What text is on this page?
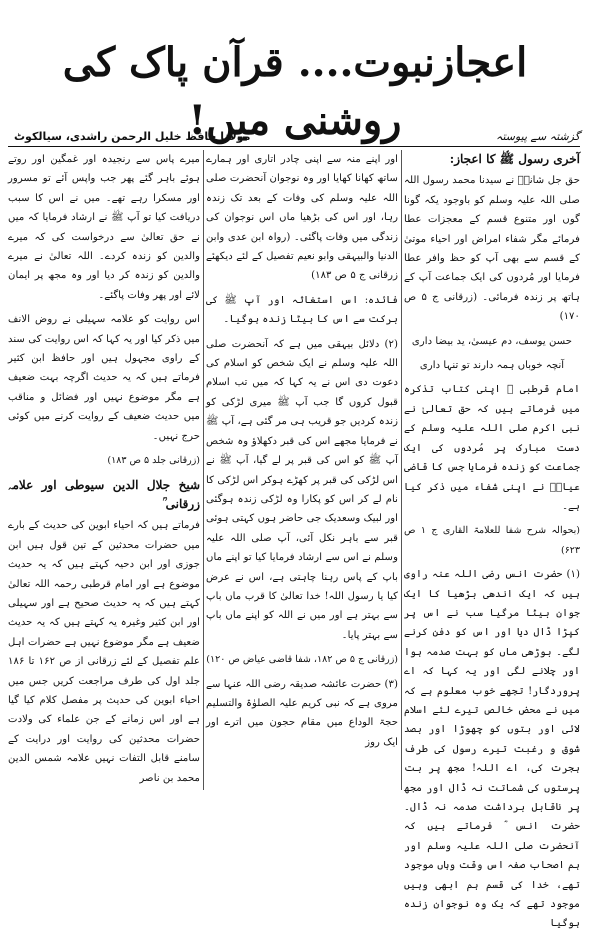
اعجازنبوت.... قرآن پاک کی روشنی میں!	گزشتہ سے پیوستہ
مولانا حافظ خلیل الرحمن راشدی، سیالکوٹ
آخری رسول ﷺ کا اعجاز:

حق جل شانہٗ نے سیدنا محمد رسول اللہ صلی اللہ علیہ وسلم کو باوجود یکہ گونا گوں اور متنوع قسم کے معجزات عطا فرمائے مگر شفاء امراض اور احیاء موتیٰ کے قسم سے بھی آپ کو حظ وافر عطا فرمایا اور مُردوں کی ایک جماعت آپ کے ہاتھ پر زندہ فرمائی۔ (زرقانی ج ۵ ص ۱۷۰)

حسن یوسف، دم عیسیٰ، ید بیضا داری

آنچہ خوباں ہمہ دارند تو تنہا داری

امام قرطبی ؒ اپنی کتاب تذکرہ میں فرماتے ہیں کہ حق تعالیٰ نے نبی اکرم صلی اللہ علیہ وسلم کے دست مبارک پر مُردوں کی ایک جماعت کو زندہ فرمایا جس کا قاضی عیاضؒ نے اپنی شفاء میں ذکر کیا ہے۔

(بحوالہ شرح شفا للعلامۃ القاری ج ۱ ص ۶۲۳)

(۱) حضرت انس رضی اللہ عنہ راوی ہیں کہ ایک اندھی بڑھیا کا ایک جوان بیٹا مرگیا سب نے اس پر کپڑا ڈال دیا اور اس کو دفن کرنے لگے۔ بوڑھی ماں کو بہت صدمہ ہوا اور چلانے لگی اور یہ کہا کہ اے پروردگار! تجھے خوب معلوم ہے کہ میں نے محض خالص تیرے لئے اسلام لائی اور بتوں کو چھوڑا اور بصد شوق و رغبت تیرے رسول کی طرف ہجرت کی، اے اللہ! مجھ پر بت پرستوں کی شماتت نہ ڈال اور مجھ پر ناقابل برداشت صدمہ نہ ڈال۔ حضرت انس ؓ فرماتے ہیں کہ آنحضرت صلی اللہ علیہ وسلم اور ہم اصحاب صفہ اس وقت وہاں موجود تھے، خدا کی قسم ہم ابھی وہیں موجود تھے کہ یک وہ نوجوان زندہ ہوگیا

اور اپنے منہ سے اپنی چادر اتاری اور ہمارے ساتھ کھانا کھایا اور وہ نوجوان آنحضرت صلی اللہ علیہ وسلم کی وفات کے بعد تک زندہ رہا، اور اس کی بڑھیا ماں اس نوجوان کی زندگی میں وفات پاگئی۔ (رواہ ابن عدی وابن الدنیا والبیہقی وابو نعیم تفصیل کے لئے دیکھئے زرقانی ج ۵ ص ۱۸۳)

فائدہ: اس استغاثہ اور آپ ﷺ کی برکت سے اس کا بیٹا زندہ ہوگیا۔

(۲) دلائل بیہقی میں ہے کہ آنحضرت صلی اللہ علیہ وسلم نے ایک شخص کو اسلام کی دعوت دی اس نے یہ کہا کہ میں تب اسلام قبول کروں گا جب آپ ﷺ میری لڑکی کو زندہ کردیں جو قریب ہی مر گئی ہے، آپ ﷺ نے فرمایا مجھے اس کی قبر دکھلاؤ وہ شخص آپ ﷺ کو اس کی قبر پر لے گیا، آپ ﷺ نے اس لڑکی کی قبر پر کھڑے ہوکر اس لڑکی کا نام لے کر اس کو پکارا وہ لڑکی زندہ ہوگئی اور لبیک وسعدیک جی حاضر ہوں کہتی ہوئی قبر سے باہر نکل آئی، آپ صلی اللہ علیہ وسلم نے اس سے ارشاد فرمایا کیا تو اپنے ماں باپ کے پاس رہنا چاہتی ہے، اس نے عرض کیا یا رسول اللہ! خدا تعالیٰ کا قرب ماں باپ سے بہتر ہے اور میں نے اللہ کو اپنے ماں باپ سے بہتر پایا۔

(زرقانی ج ۵ ص ۱۸۲، شفا قاضی عیاض ص ۱۲۰)

(۳) حضرت عائشہ صدیقہ رضی اللہ عنہا سے مروی ہے کہ نبی کریم علیہ الصلوٰۃ والتسلیم حجۃ الوداع میں مقام حجون میں اترے اور ایک روز

میرے پاس سے رنجیدہ اور غمگین اور روتے ہوئے باہر گئے پھر جب واپس آئے تو مسرور اور مسکرا رہے تھے۔ میں نے اس کا سبب دریافت کیا تو آپ ﷺ نے ارشاد فرمایا کہ میں نے حق تعالیٰ سے درخواست کی کہ میرے والدین کو زندہ کردے۔ اللہ تعالیٰ نے میرے والدین کو زندہ کر دیا اور وہ مجھ پر ایمان لائے اور پھر وفات پاگئے۔

اس روایت کو علامہ سہیلی نے روض الانف میں ذکر کیا اور یہ کہا کہ اس روایت کی سند کے راوی مجہول ہیں اور حافظ ابن کثیر فرماتے ہیں کہ یہ حدیث اگرچہ بہت ضعیف ہے مگر موضوع نہیں اور فضائل و مناقب میں حدیث ضعیف کے روایت کرنے میں کوئی حرج نہیں۔

(زرقانی جلد ۵ ص ۱۸۳)

شیخ جلال الدین سیوطی اور علامہ زرقانی ؒ

فرماتے ہیں کہ احیاء ابوین کی حدیث کے بارے میں حضرات محدثین کے تین قول ہیں ابن جوزی اور ابن دحیہ کہتے ہیں کہ یہ حدیث موضوع ہے اور امام قرطبی رحمہ اللہ تعالیٰ کہتے ہیں کہ یہ حدیث صحیح ہے اور سہیلی اور ابن کثیر وغیرہ یہ کہتے ہیں کہ یہ حدیث ضعیف ہے مگر موضوع نہیں ہے حضرات اہل علم تفصیل کے لئے زرقانی از ص ۱۶۲ تا ۱۸۶ جلد اول کی طرف مراجعت کریں جس میں احیاء ابوین کی حدیث پر مفصل کلام کیا گیا ہے اور اس زمانے کے جن علماء کی ولادت حضرات محدثین کی روایت اور درایت کے سامنے قابل التفات نہیں علامہ شمس الدین محمد بن ناصر
